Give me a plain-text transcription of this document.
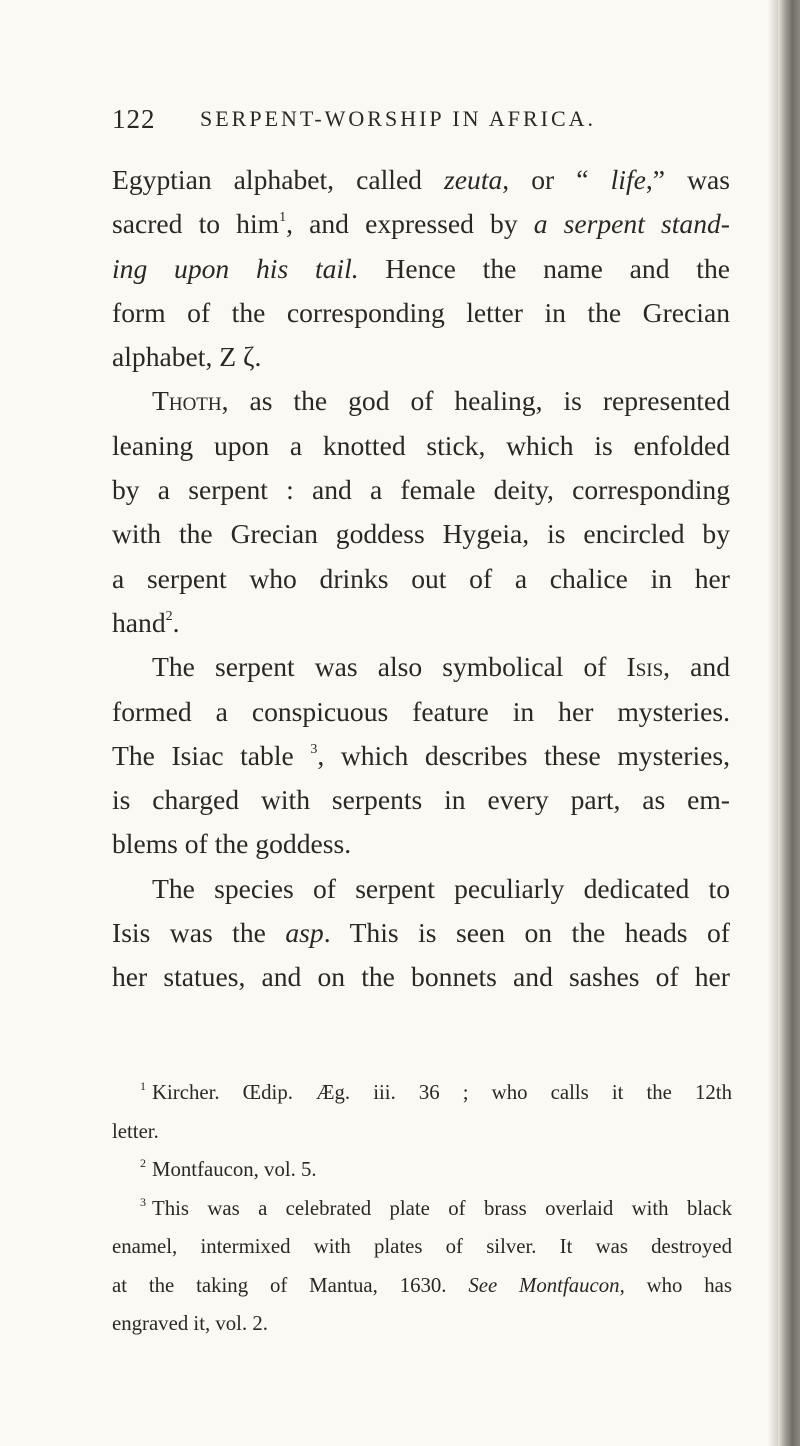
122 SERPENT-WORSHIP IN AFRICA.

Egyptian alphabet, called zeuta, or “ life,” was
sacred to him$^1$, and expressed by a serpent stand-
ing upon his tail. Hence the name and the
form of the corresponding letter in the Grecian
alphabet, Z ζ.

Thoth, as the god of healing, is represented
leaning upon a knotted stick, which is enfolded
by a serpent : and a female deity, corresponding
with the Grecian goddess Hygeia, is encircled by
a serpent who drinks out of a chalice in her
hand$^2$.

The serpent was also symbolical of Isis, and
formed a conspicuous feature in her mysteries.
The Isiac table $^3$, which describes these mysteries,
is charged with serpents in every part, as em-
blems of the goddess.

The species of serpent peculiarly dedicated to
Isis was the asp. This is seen on the heads of
her statues, and on the bonnets and sashes of her

$^1$ Kircher. Œdip. Æg. iii. 36 ; who calls it the 12th
letter.
$^2$ Montfaucon, vol. 5.
$^3$ This was a celebrated plate of brass overlaid with black
enamel, intermixed with plates of silver. It was destroyed
at the taking of Mantua, 1630. See Montfaucon, who has
engraved it, vol. 2.
